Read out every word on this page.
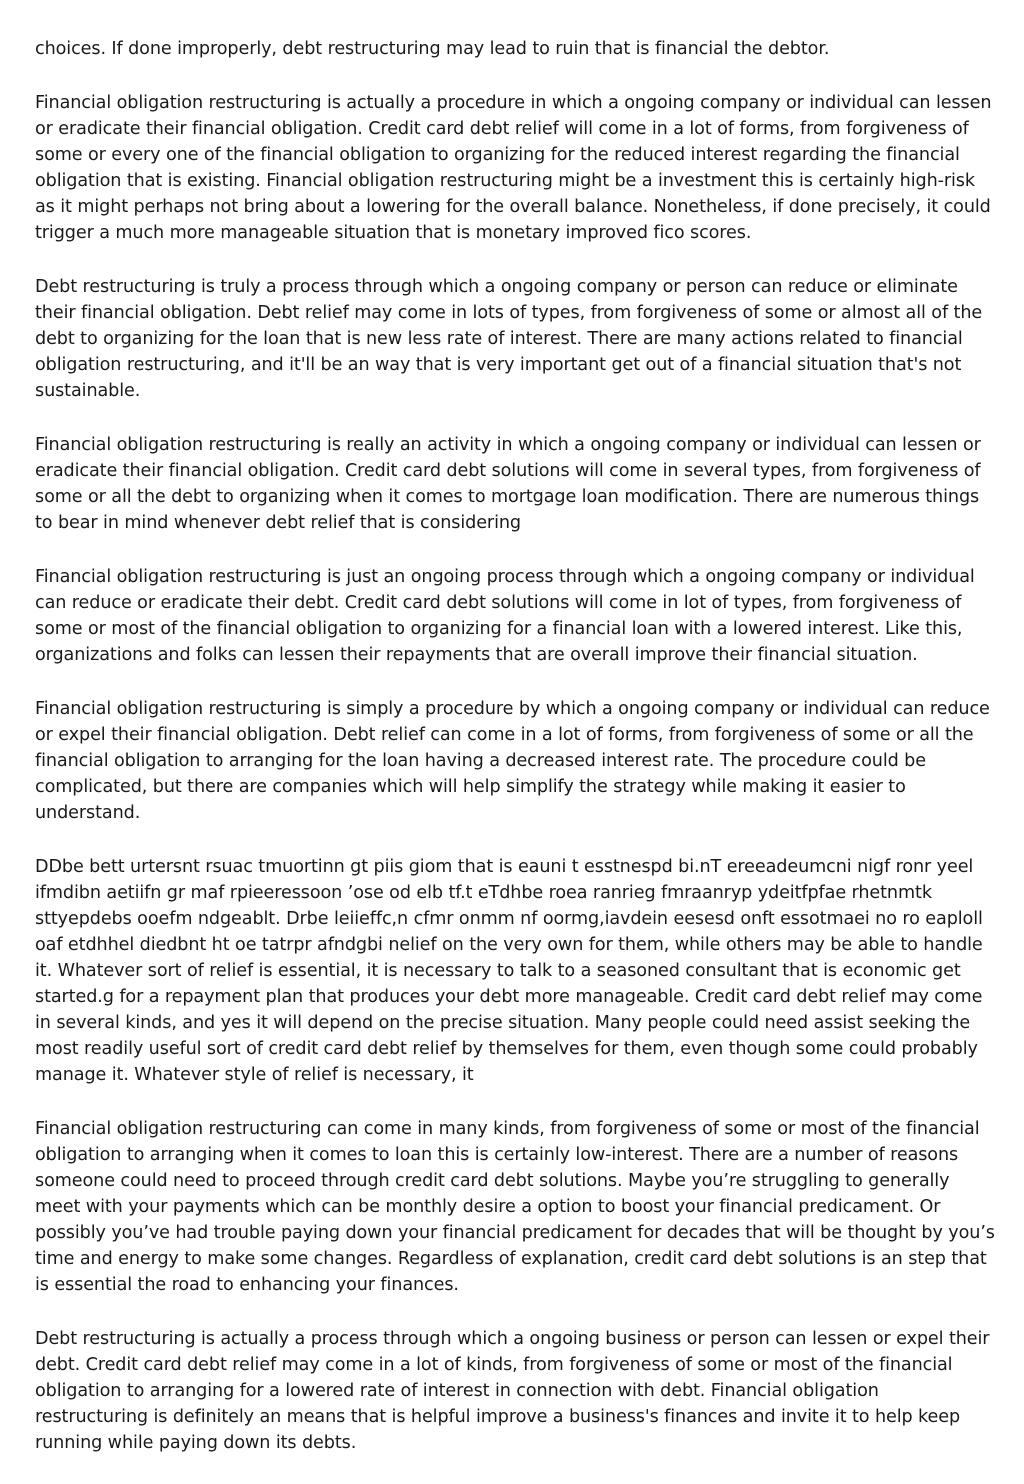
choices. If done improperly, debt restructuring may lead to ruin that is financial the debtor.

Financial obligation restructuring is actually a procedure in which a ongoing company or individual can lessen or eradicate their financial obligation. Credit card debt relief will come in a lot of forms, from forgiveness of some or every one of the financial obligation to organizing for the reduced interest regarding the financial obligation that is existing. Financial obligation restructuring might be a investment this is certainly high-risk as it might perhaps not bring about a lowering for the overall balance. Nonetheless, if done precisely, it could trigger a much more manageable situation that is monetary improved fico scores.

Debt restructuring is truly a process through which a ongoing company or person can reduce or eliminate their financial obligation. Debt relief may come in lots of types, from forgiveness of some or almost all of the debt to organizing for the loan that is new less rate of interest. There are many actions related to financial obligation restructuring, and it'll be an way that is very important get out of a financial situation that's not sustainable.

Financial obligation restructuring is really an activity in which a ongoing company or individual can lessen or eradicate their financial obligation. Credit card debt solutions will come in several types, from forgiveness of some or all the debt to organizing when it comes to mortgage loan modification. There are numerous things to bear in mind whenever debt relief that is considering

Financial obligation restructuring is just an ongoing process through which a ongoing company or individual can reduce or eradicate their debt. Credit card debt solutions will come in lot of types, from forgiveness of some or most of the financial obligation to organizing for a financial loan with a lowered interest. Like this, organizations and folks can lessen their repayments that are overall improve their financial situation.

Financial obligation restructuring is simply a procedure by which a ongoing company or individual can reduce or expel their financial obligation. Debt relief can come in a lot of forms, from forgiveness of some or all the financial obligation to arranging for the loan having a decreased interest rate. The procedure could be complicated, but there are companies which will help simplify the strategy while making it easier to understand.

DDbe bett urtersnt rsuac tmuortinn gt piis giom that is eauni t esstnespd bi.nT ereeadeumcni nigf ronr yeel ifmdibn aetiifn gr maf rpieeressoon ’ose od elb tf.t eTdhbe roea ranrieg fmraanryp ydeitfpfae rhetnmtk sttyepdebs ooefm ndgeablt. Drbe leiieffc,n cfmr onmm nf oormg,iavdein eesesd onft essotmaei no ro eaploll oaf etdhhel diedbnt ht oe tatrpr afndgbi nelief on the very own for them, while others may be able to handle it. Whatever sort of relief is essential, it is necessary to talk to a seasoned consultant that is economic get started.g for a repayment plan that produces your debt more manageable. Credit card debt relief may come in several kinds, and yes it will depend on the precise situation. Many people could need assist seeking the most readily useful sort of credit card debt relief by themselves for them, even though some could probably manage it. Whatever style of relief is necessary, it

Financial obligation restructuring can come in many kinds, from forgiveness of some or most of the financial obligation to arranging when it comes to loan this is certainly low-interest. There are a number of reasons someone could need to proceed through credit card debt solutions. Maybe you’re struggling to generally meet with your payments which can be monthly desire a option to boost your financial predicament. Or possibly you’ve had trouble paying down your financial predicament for decades that will be thought by you’s time and energy to make some changes. Regardless of explanation, credit card debt solutions is an step that is essential the road to enhancing your finances.

Debt restructuring is actually a process through which a ongoing business or person can lessen or expel their debt. Credit card debt relief may come in a lot of kinds, from forgiveness of some or most of the financial obligation to arranging for a lowered rate of interest in connection with debt. Financial obligation restructuring is definitely an means that is helpful improve a business's finances and invite it to help keep running while paying down its debts.
